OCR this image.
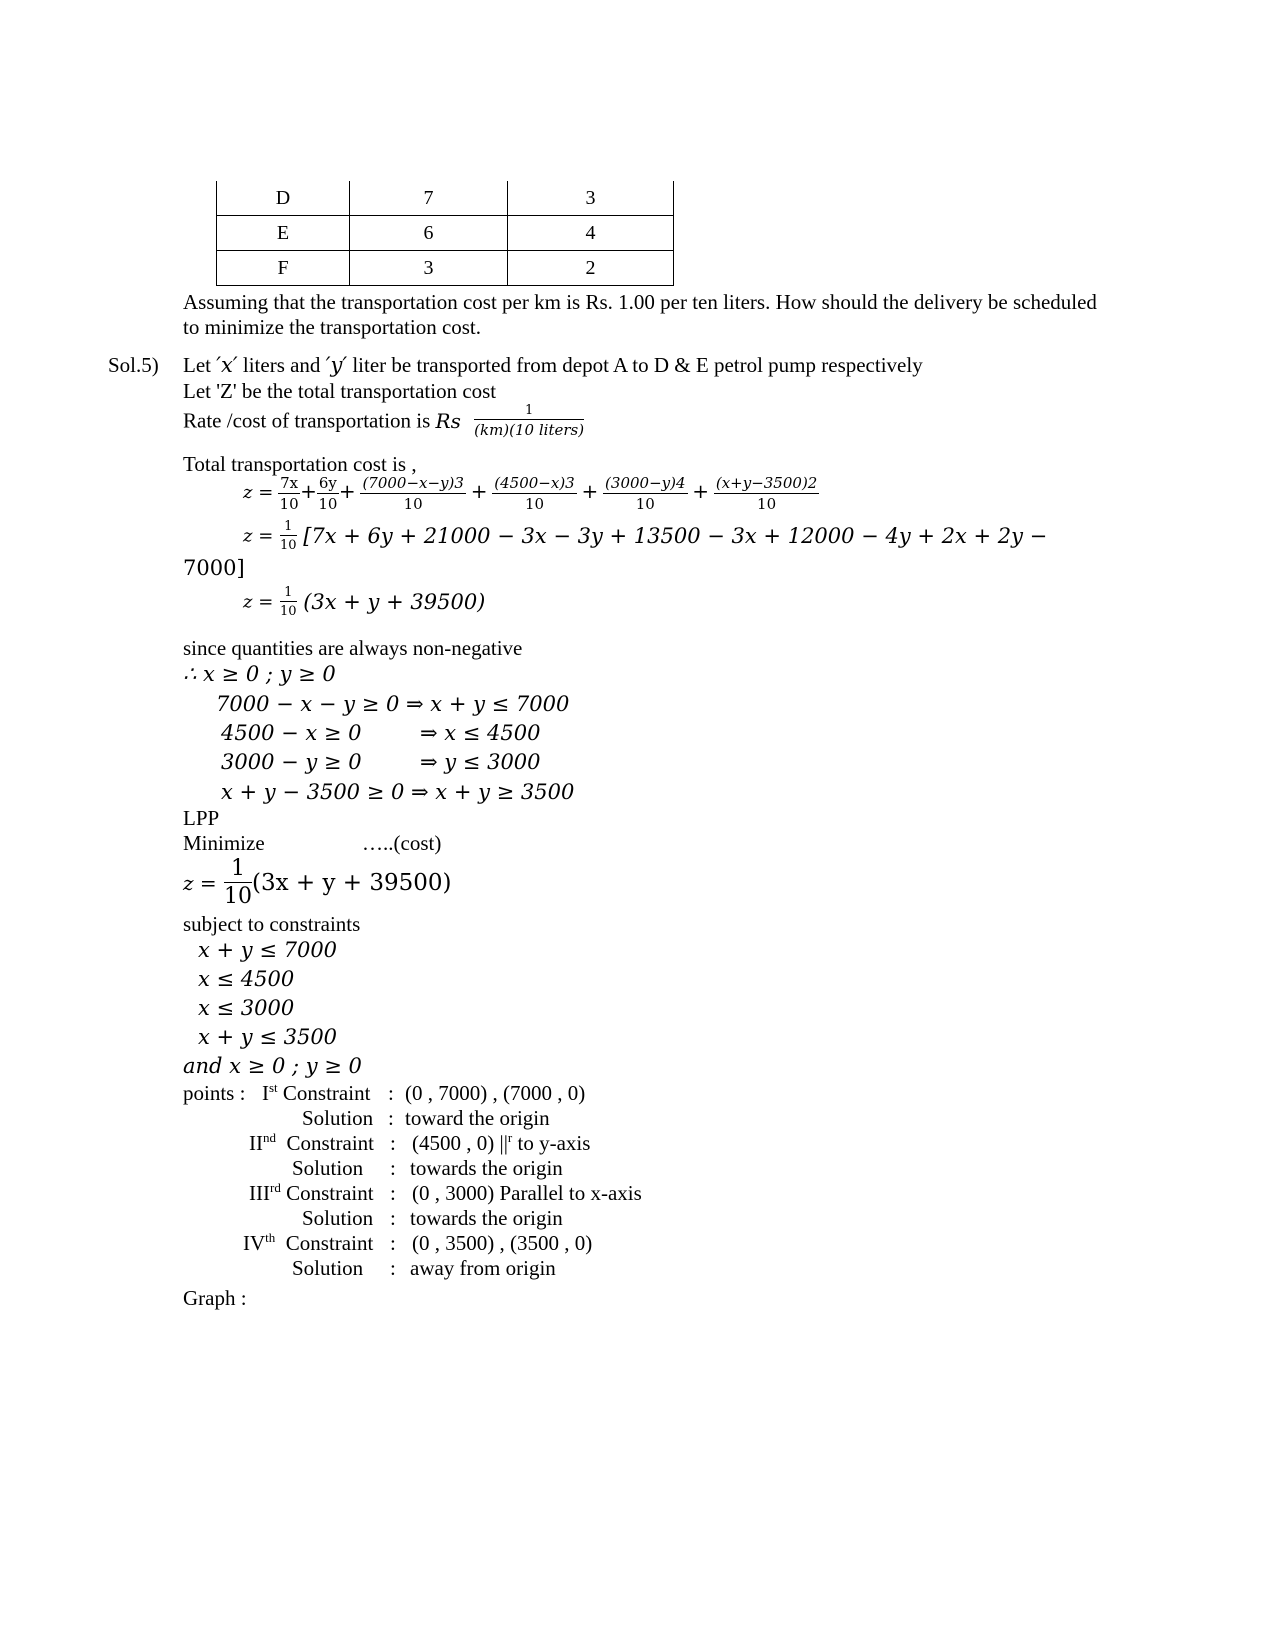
D	7	3
E	6	4
F	3	2
Assuming that the transportation cost per km is Rs. 1.00 per ten liters. How should the delivery be scheduled
to minimize the transportation cost.
Sol.5) Let ′x′ liters and ′y′ liter be transported from depot A to D & E petrol pump respectively
Let 'Z' be the total transportation cost
Rate /cost of transportation is Rs $\frac{1}{\text{(km)(10 liters)}}$
Total transportation cost is ,
$z = \frac{7x}{10} + \frac{6y}{10} + \frac{(7000-x-y)3}{10} + \frac{(4500-x)3}{10} + \frac{(3000-y)4}{10} + \frac{(x+y-3500)2}{10}$
$z = \frac{1}{10} [7x + 6y + 21000 - 3x - 3y + 13500 - 3x + 12000 - 4y + 2x + 2y$ −
7000]
$z = \frac{1}{10} (3x + y + 39500)$
since quantities are always non-negative
∴ x ≥ 0 ; y ≥ 0
7000 − x − y ≥ 0 ⇒ x + y ≤ 7000
4500 − x ≥ 0	⇒ x ≤ 4500
3000 − y ≥ 0	⇒ y ≤ 3000
x + y − 3500 ≥ 0 ⇒ x + y ≥ 3500
LPP
Minimize	…..(cost)
$z = \frac{1}{10} (3x + y + 39500)$
subject to constraints
x + y ≤ 7000
x ≤ 4500
x ≤ 3000
x + y ≤ 3500
and x ≥ 0 ; y ≥ 0
points : Ist Constraint : (0 , 7000) , (7000 , 0)
Solution : toward the origin
IInd  Constraint : (4500 , 0) $||^r$ to y-axis
Solution : towards the origin
IIIrd Constraint : (0 , 3000) Parallel to x-axis
Solution : towards the origin
IVth  Constraint : (0 , 3500) , (3500 , 0)
Solution : away from origin
Graph :
